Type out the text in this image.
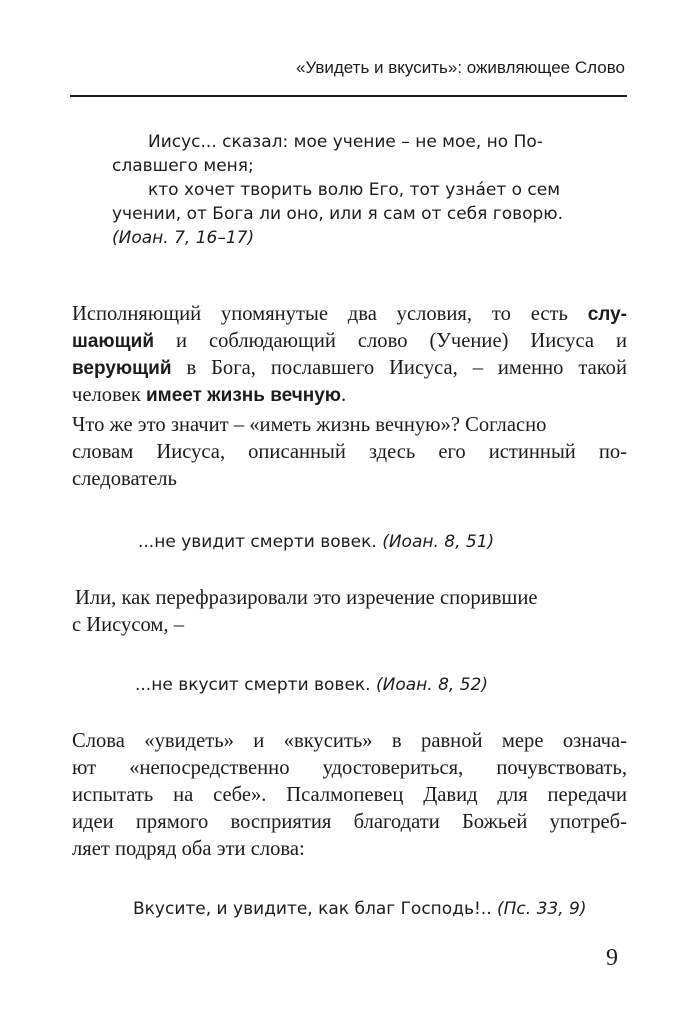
«Увидеть и вкусить»: оживляющее Слово
Иисус... сказал: мое учение – не мое, но По-
славшего меня;
кто хочет творить волю Его, тот узнáет о сем
учении, от Бога ли оно, или я сам от себя говорю.
(Иоан. 7, 16–17)
Исполняющий упомянутые два условия, то есть слу-
шающий и соблюдающий слово (Учение) Иисуса и
верующий в Бога, пославшего Иисуса, – именно такой
человек имеет жизнь вечную.
Что же это значит – «иметь жизнь вечную»? Согласно
словам Иисуса, описанный здесь его истинный по-
следователь
...не увидит смерти вовек. (Иоан. 8, 51)
Или, как перефразировали это изречение спорившие
с Иисусом, –
...не вкусит смерти вовек. (Иоан. 8, 52)
Слова «увидеть» и «вкусить» в равной мере означа-
ют «непосредственно удостовериться, почувствовать,
испытать на себе». Псалмопевец Давид для передачи
идеи прямого восприятия благодати Божьей употреб-
ляет подряд оба эти слова:
Вкусите, и увидите, как благ Господь!.. (Пс. 33, 9)
9
